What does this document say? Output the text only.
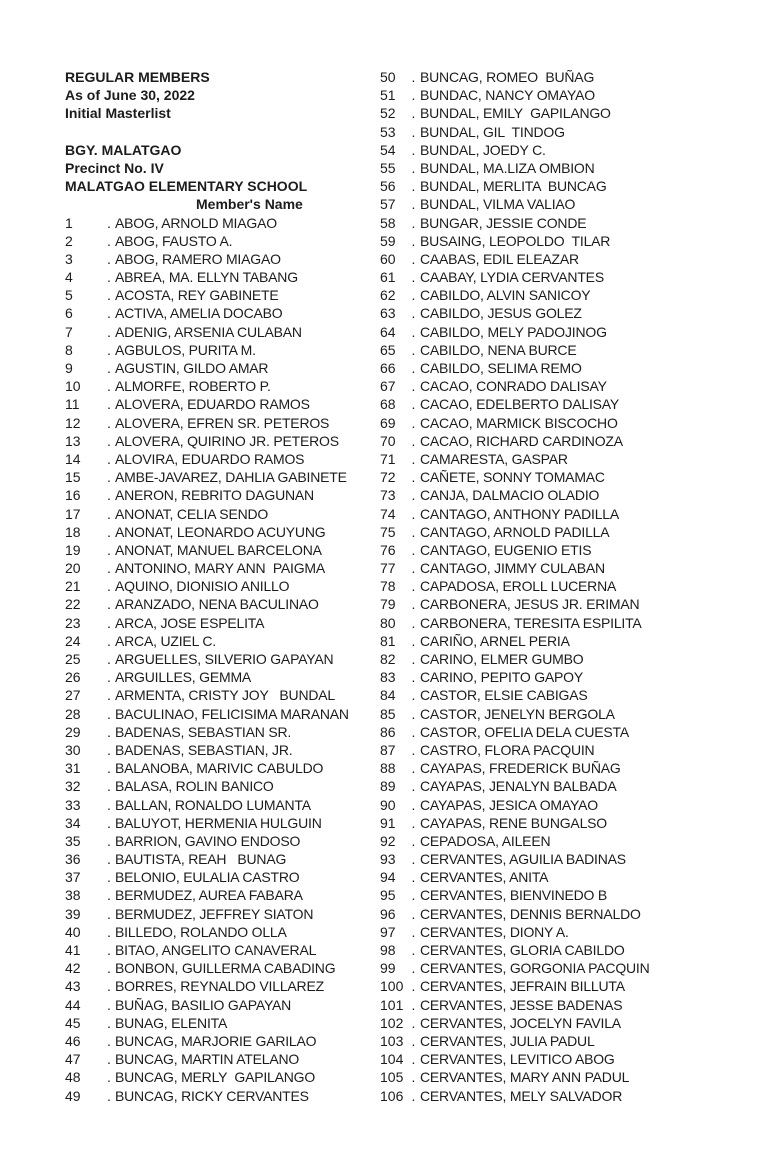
REGULAR MEMBERS
As of June 30, 2022
Initial Masterlist
BGY. MALATGAO
Precinct No. IV
MALATGAO ELEMENTARY SCHOOL
Member's Name
1	. ABOG, ARNOLD MIAGAO
2	. ABOG, FAUSTO A.
3	. ABOG, RAMERO MIAGAO
4	. ABREA, MA. ELLYN TABANG
5	. ACOSTA, REY GABINETE
6	. ACTIVA, AMELIA DOCABO
7	. ADENIG, ARSENIA CULABAN
8	. AGBULOS, PURITA M.
9	. AGUSTIN, GILDO AMAR
10	. ALMORFE, ROBERTO P.
11	. ALOVERA, EDUARDO RAMOS
12	. ALOVERA, EFREN SR. PETEROS
13	. ALOVERA, QUIRINO JR. PETEROS
14	. ALOVIRA, EDUARDO RAMOS
15	. AMBE-JAVAREZ, DAHLIA GABINETE
16	. ANERON, REBRITO DAGUNAN
17	. ANONAT, CELIA SENDO
18	. ANONAT, LEONARDO ACUYUNG
19	. ANONAT, MANUEL BARCELONA
20	. ANTONINO, MARY ANN  PAIGMA
21	. AQUINO, DIONISIO ANILLO
22	. ARANZADO, NENA BACULINAO
23	. ARCA, JOSE ESPELITA
24	. ARCA, UZIEL C.
25	. ARGUELLES, SILVERIO GAPAYAN
26	. ARGUILLES, GEMMA
27	. ARMENTA, CRISTY JOY   BUNDAL
28	. BACULINAO, FELICISIMA MARANAN
29	. BADENAS, SEBASTIAN SR.
30	. BADENAS, SEBASTIAN, JR.
31	. BALANOBA, MARIVIC CABULDO
32	. BALASA, ROLIN BANICO
33	. BALLAN, RONALDO LUMANTA
34	. BALUYOT, HERMENIA HULGUIN
35	. BARRION, GAVINO ENDOSO
36	. BAUTISTA, REAH   BUNAG
37	. BELONIO, EULALIA CASTRO
38	. BERMUDEZ, AUREA FABARA
39	. BERMUDEZ, JEFFREY SIATON
40	. BILLEDO, ROLANDO OLLA
41	. BITAO, ANGELITO CANAVERAL
42	. BONBON, GUILLERMA CABADING
43	. BORRES, REYNALDO VILLAREZ
44	. BUÑAG, BASILIO GAPAYAN
45	. BUNAG, ELENITA
46	. BUNCAG, MARJORIE GARILAO
47	. BUNCAG, MARTIN ATELANO
48	. BUNCAG, MERLY  GAPILANGO
49	. BUNCAG, RICKY CERVANTES
50	. BUNCAG, ROMEO  BUÑAG
51	. BUNDAC, NANCY OMAYAO
52	. BUNDAL, EMILY  GAPILANGO
53	. BUNDAL, GIL  TINDOG
54	. BUNDAL, JOEDY C.
55	. BUNDAL, MA.LIZA OMBION
56	. BUNDAL, MERLITA  BUNCAG
57	. BUNDAL, VILMA VALIAO
58	. BUNGAR, JESSIE CONDE
59	. BUSAING, LEOPOLDO  TILAR
60	. CAABAS, EDIL ELEAZAR
61	. CAABAY, LYDIA CERVANTES
62	. CABILDO, ALVIN SANICOY
63	. CABILDO, JESUS GOLEZ
64	. CABILDO, MELY PADOJINOG
65	. CABILDO, NENA BURCE
66	. CABILDO, SELIMA REMO
67	. CACAO, CONRADO DALISAY
68	. CACAO, EDELBERTO DALISAY
69	. CACAO, MARMICK BISCOCHO
70	. CACAO, RICHARD CARDINOZA
71	. CAMARESTA, GASPAR
72	. CAÑETE, SONNY TOMAMAC
73	. CANJA, DALMACIO OLADIO
74	. CANTAGO, ANTHONY PADILLA
75	. CANTAGO, ARNOLD PADILLA
76	. CANTAGO, EUGENIO ETIS
77	. CANTAGO, JIMMY CULABAN
78	. CAPADOSA, EROLL LUCERNA
79	. CARBONERA, JESUS JR. ERIMAN
80	. CARBONERA, TERESITA ESPILITA
81	. CARIÑO, ARNEL PERIA
82	. CARINO, ELMER GUMBO
83	. CARINO, PEPITO GAPOY
84	. CASTOR, ELSIE CABIGAS
85	. CASTOR, JENELYN BERGOLA
86	. CASTOR, OFELIA DELA CUESTA
87	. CASTRO, FLORA PACQUIN
88	. CAYAPAS, FREDERICK BUÑAG
89	. CAYAPAS, JENALYN BALBADA
90	. CAYAPAS, JESICA OMAYAO
91	. CAYAPAS, RENE BUNGALSO
92	. CEPADOSA, AILEEN
93	. CERVANTES, AGUILIA BADINAS
94	. CERVANTES, ANITA
95	. CERVANTES, BIENVINEDO B
96	. CERVANTES, DENNIS BERNALDO
97	. CERVANTES, DIONY A.
98	. CERVANTES, GLORIA CABILDO
99	. CERVANTES, GORGONIA PACQUIN
100 . CERVANTES, JEFRAIN BILLUTA
101 . CERVANTES, JESSE BADENAS
102 . CERVANTES, JOCELYN FAVILA
103 . CERVANTES, JULIA PADUL
104 . CERVANTES, LEVITICO ABOG
105 . CERVANTES, MARY ANN PADUL
106 . CERVANTES, MELY SALVADOR
